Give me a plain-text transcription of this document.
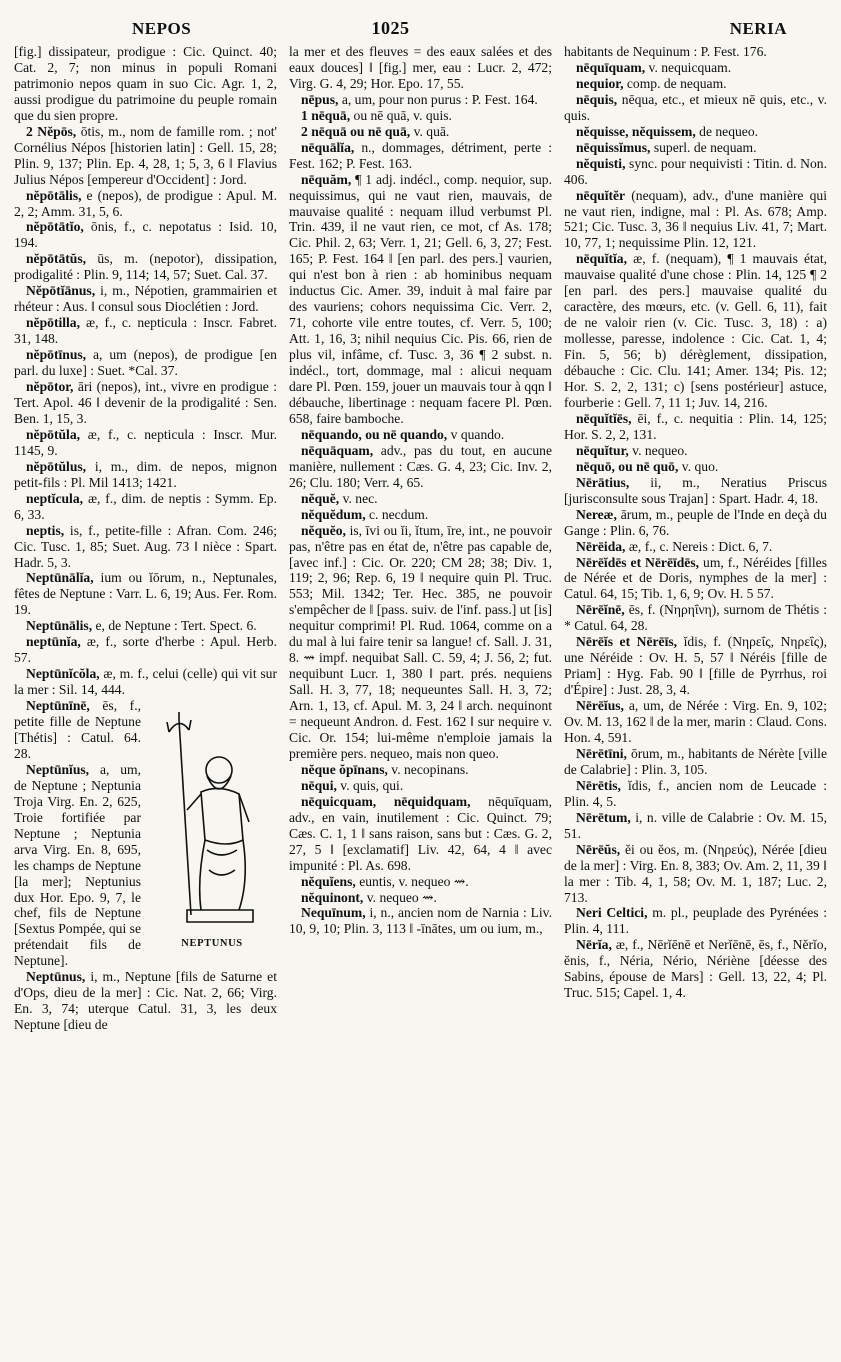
NEPOS	1025	NERIA

[fig.] dissipateur, prodigue : Cic. Quinct. 40; Cat. 2, 7; non minus in populi Romani patrimonio nepos quam in suo Cic. Agr. 1, 2, aussi prodigue du patrimoine du peuple romain que du sien propre.

2 Nĕpōs, ōtis, m., nom de famille rom. ; not' Cornélius Népos [historien latin] : Gell. 15, 28; Plin. 9, 137; Plin. Ep. 4, 28, 1; 5, 3, 6 ‖ Flavius Julius Népos [empereur d'Occident] : Jord.

nĕpōtālis, e (nepos), de prodigue : Apul. M. 2, 2; Amm. 31, 5, 6.

nĕpōtātĭo, ōnis, f., c. nepotatus : Isid. 10, 194.

nĕpōtātŭs, ūs, m. (nepotor), dissipation, prodigalité : Plin. 9, 114; 14, 57; Suet. Cal. 37.

Nĕpōtĭānus, i, m., Népotien, grammairien et rhéteur : Aus. ‖ consul sous Dioclétien : Jord.

nĕpōtilla, æ, f., c. nepticula : Inscr. Fabret. 31, 148.

nĕpōtīnus, a, um (nepos), de prodigue [en parl. du luxe] : Suet. *Cal. 37.

nĕpōtor, āri (nepos), int., vivre en prodigue : Tert. Apol. 46 ‖ devenir de la prodigalité : Sen. Ben. 1, 15, 3.

nĕpōtŭla, æ, f., c. nepticula : Inscr. Mur. 1145, 9.

nĕpōtŭlus, i, m., dim. de nepos, mignon petit-fils : Pl. Mil 1413; 1421.

neptĭcula, æ, f., dim. de neptis : Symm. Ep. 6, 33.

neptis, is, f., petite-fille : Afran. Com. 246; Cic. Tusc. 1, 85; Suet. Aug. 73 ‖ nièce : Spart. Hadr. 5, 3.

Neptūnālĭa, ium ou ĭōrum, n., Neptunales, fêtes de Neptune : Varr. L. 6, 19; Aus. Fer. Rom. 19.

Neptūnālis, e, de Neptune : Tert. Spect. 6.

neptūnĭa, æ, f., sorte d'herbe : Apul. Herb. 57.

Neptūnĭcŏla, æ, m. f., celui (celle) qui vit sur la mer : Sil. 14, 444.

NEPTUNUS

Neptūnīnē, ēs, f., petite fille de Neptune [Thétis] : Catul. 64. 28.

Neptūnĭus, a, um, de Neptune ; Neptunia Troja Virg. En. 2, 625, Troie fortifiée par Neptune ; Neptunia arva Virg. En. 8, 695, les champs de Neptune [la mer]; Neptunius dux Hor. Epo. 9, 7, le chef, fils de Neptune [Sextus Pompée, qui se prétendait fils de Neptune].

Neptūnus, i, m., Neptune [fils de Saturne et d'Ops, dieu de la mer] : Cic. Nat. 2, 66; Virg. En. 3, 74; uterque Catul. 31, 3, les deux Neptune [dieu de

la mer et des fleuves = des eaux salées et des eaux douces] ‖ [fig.] mer, eau : Lucr. 2, 472; Virg. G. 4, 29; Hor. Epo. 17, 55.

nēpus, a, um, pour non purus : P. Fest. 164.

1 nēquā, ou nē quā, v. quis.

2 nēquā ou nē quā, v. quā.

nēquālĭa, n., dommages, détriment, perte : Fest. 162; P. Fest. 163.

nēquăm, ¶ 1 adj. indécl., comp. nequior, sup. nequissimus, qui ne vaut rien, mauvais, de mauvaise qualité : nequam illud verbumst Pl. Trin. 439, il ne vaut rien, ce mot, cf As. 178; Cic. Phil. 2, 63; Verr. 1, 21; Gell. 6, 3, 27; Fest. 165; P. Fest. 164 ‖ [en parl. des pers.] vaurien, qui n'est bon à rien : ab hominibus nequam inductus Cic. Amer. 39, induit à mal faire par des vauriens; cohors nequissima Cic. Verr. 2, 71, cohorte vile entre toutes, cf. Verr. 5, 100; Att. 1, 16, 3; nihil nequius Cic. Pis. 66, rien de plus vil, infâme, cf. Tusc. 3, 36 ¶ 2 subst. n. indécl., tort, dommage, mal : alicui nequam dare Pl. Pœn. 159, jouer un mauvais tour à qqn ‖ débauche, libertinage : nequam facere Pl. Pœn. 658, faire bamboche.

nēquando, ou nē quando, v quando.

nēquāquam, adv., pas du tout, en aucune manière, nullement : Cæs. G. 4, 23; Cic. Inv. 2, 26; Clu. 180; Verr. 4, 65.

nĕquĕ, v. nec.

nĕquĕdum, c. necdum.

nĕquĕo, is, īvi ou ĭi, ĭtum, īre, int., ne pouvoir pas, n'être pas en état de, n'être pas capable de, [avec inf.] : Cic. Or. 220; CM 28; 38; Div. 1, 119; 2, 96; Rep. 6, 19 ‖ nequire quin Pl. Truc. 553; Mil. 1342; Ter. Hec. 385, ne pouvoir s'empêcher de ‖ [pass. suiv. de l'inf. pass.] ut [is] nequitur comprimi! Pl. Rud. 1064, comme on a du mal à lui faire tenir sa langue! cf. Sall. J. 31, 8. ⇝ impf. nequibat Sall. C. 59, 4; J. 56, 2; fut. nequibunt Lucr. 1, 380 ‖ part. prés. nequiens Sall. H. 3, 77, 18; nequeuntes Sall. H. 3, 72; Arn. 1, 13, cf. Apul. M. 3, 24 ‖ arch. nequinont = nequeunt Andron. d. Fest. 162 ‖ sur nequire v. Cic. Or. 154; lui-même n'emploie jamais la première pers. nequeo, mais non queo.

nĕque ŏpīnans, v. necopinans.

nēqui, v. quis, qui.

nēquicquam, nēquidquam, nēquīquam, adv., en vain, inutilement : Cic. Quinct. 79; Cæs. C. 1, 1 ‖ sans raison, sans but : Cæs. G. 2, 27, 5 ‖ [exclamatif] Liv. 42, 64, 4 ‖ avec impunité : Pl. As. 698.

nĕquĭens, euntis, v. nequeo ⇝.

nĕquinont, v. nequeo ⇝.

Nequīnum, i, n., ancien nom de Narnia : Liv. 10, 9, 10; Plin. 3, 113 ‖ -īnātes, um ou ium, m.,

habitants de Nequinum : P. Fest. 176.

nēquīquam, v. nequicquam.

nequior, comp. de nequam.

nēquis, nēqua, etc., et mieux nē quis, etc., v. quis.

nĕquisse, nĕquissem, de nequeo.

nēquissĭmus, superl. de nequam.

nĕquisti, sync. pour nequivisti : Titin. d. Non. 406.

nēquĭtĕr (nequam), adv., d'une manière qui ne vaut rien, indigne, mal : Pl. As. 678; Amp. 521; Cic. Tusc. 3, 36 ‖ nequius Liv. 41, 7; Mart. 10, 77, 1; nequissime Plin. 12, 121.

nēquĭtĭa, æ, f. (nequam), ¶ 1 mauvais état, mauvaise qualité d'une chose : Plin. 14, 125 ¶ 2 [en parl. des pers.] mauvaise qualité du caractère, des mœurs, etc. (v. Gell. 6, 11), fait de ne valoir rien (v. Cic. Tusc. 3, 18) : a) mollesse, paresse, indolence : Cic. Cat. 1, 4; Fin. 5, 56; b) dérèglement, dissipation, débauche : Cic. Clu. 141; Amer. 134; Pis. 12; Hor. S. 2, 2, 131; c) [sens postérieur] astuce, fourberie : Gell. 7, 11 1; Juv. 14, 216.

nēquĭtĭēs, ēi, f., c. nequitia : Plin. 14, 125; Hor. S. 2, 2, 131.

nēquĭtur, v. nequeo.

nēquō, ou nē quō, v. quo.

Nērātius, ii, m., Neratius Priscus [jurisconsulte sous Trajan] : Spart. Hadr. 4, 18.

Nereæ, ārum, m., peuple de l'Inde en deçà du Gange : Plin. 6, 76.

Nērēida, æ, f., c. Nereis : Dict. 6, 7.

Nērēĭdēs et Nērēīdēs, um, f., Néréides [filles de Nérée et de Doris, nymphes de la mer] : Catul. 64, 15; Tib. 1, 6, 9; Ov. H. 5 57.

Nērēĭnē, ēs, f. (Νηρηΐνη), surnom de Thétis : * Catul. 64, 28.

Nērēĭs et Nērēīs, ĭdis, f. (Νηρεΐς, Νηρεΐς), une Néréide : Ov. H. 5, 57 ‖ Néréis [fille de Priam] : Hyg. Fab. 90 ‖ [fille de Pyrrhus, roi d'Épire] : Just. 28, 3, 4.

Nērēĭus, a, um, de Nérée : Virg. En. 9, 102; Ov. M. 13, 162 ‖ de la mer, marin : Claud. Cons. Hon. 4, 591.

Nērētīni, ōrum, m., habitants de Nérète [ville de Calabrie] : Plin. 3, 105.

Nērētis, ĭdis, f., ancien nom de Leucade : Plin. 4, 5.

Nērētum, i, n. ville de Calabrie : Ov. M. 15, 51.

Nērēŭs, ĕi ou ĕos, m. (Νηρεύς), Nérée [dieu de la mer] : Virg. En. 8, 383; Ov. Am. 2, 11, 39 ‖ la mer : Tib. 4, 1, 58; Ov. M. 1, 187; Luc. 2, 713.

Neri Celtici, m. pl., peuplade des Pyrénées : Plin. 4, 111.

Nērĭa, æ, f., Nērĭēnē et Nerĭēnē, ēs, f., Nĕrĭo, ĕnis, f., Néria, Nério, Nériène [déesse des Sabins, épouse de Mars] : Gell. 13, 22, 4; Pl. Truc. 515; Capel. 1, 4.
